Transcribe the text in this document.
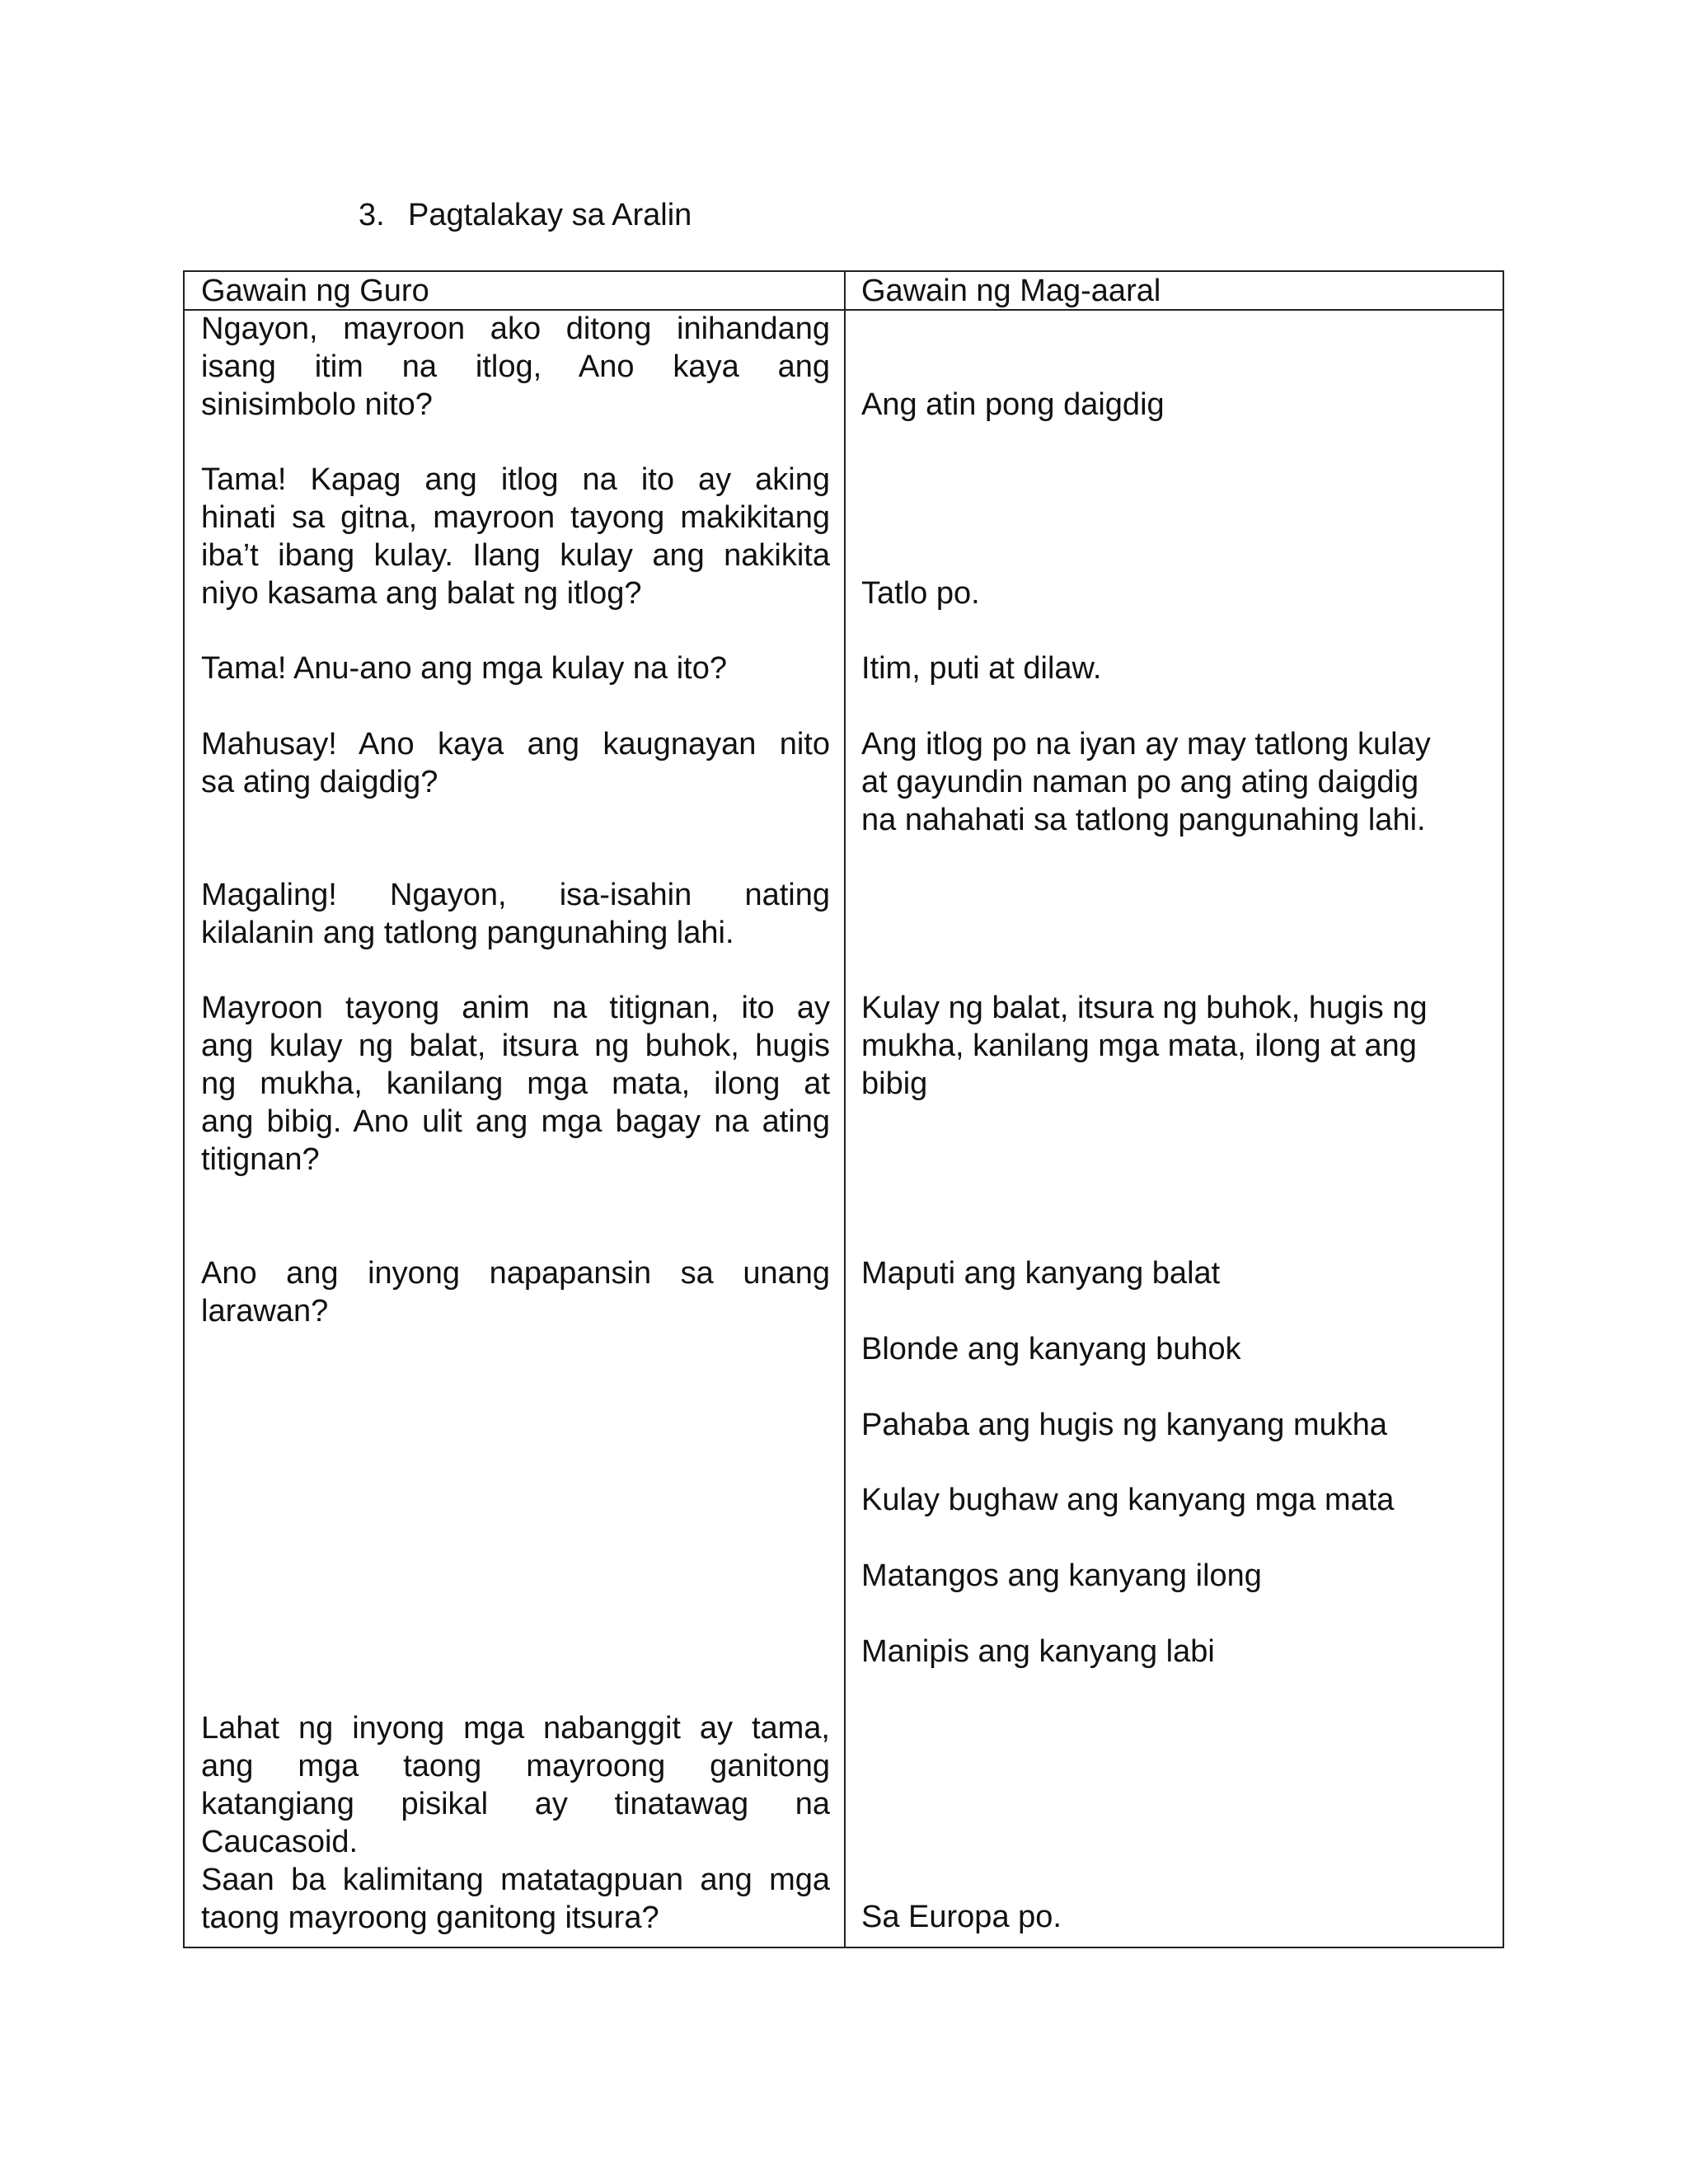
3. Pagtalakay sa Aralin
Gawain ng Guro	Gawain ng Mag-aaral
Ngayon, mayroon ako ditong inihandang
isang itim na itlog, Ano kaya ang
sinisimbolo nito?
Tama! Kapag ang itlog na ito ay aking
hinati sa gitna, mayroon tayong makikitang
iba’t ibang kulay. Ilang kulay ang nakikita
niyo kasama ang balat ng itlog?
Tama! Anu-ano ang mga kulay na ito?
Mahusay! Ano kaya ang kaugnayan nito
sa ating daigdig?
Magaling! Ngayon, isa-isahin nating
kilalanin ang tatlong pangunahing lahi.
Mayroon tayong anim na titignan, ito ay
ang kulay ng balat, itsura ng buhok, hugis
ng mukha, kanilang mga mata, ilong at
ang bibig. Ano ulit ang mga bagay na ating
titignan?
Ano ang inyong napapansin sa unang
larawan?
Lahat ng inyong mga nabanggit ay tama,
ang mga taong mayroong ganitong
katangiang pisikal ay tinatawag na
Caucasoid.
Saan ba kalimitang matatagpuan ang mga
taong mayroong ganitong itsura?
Ang atin pong daigdig
Tatlo po.
Itim, puti at dilaw.
Ang itlog po na iyan ay may tatlong kulay
at gayundin naman po ang ating daigdig
na nahahati sa tatlong pangunahing lahi.
Kulay ng balat, itsura ng buhok, hugis ng
mukha, kanilang mga mata, ilong at ang
bibig
Maputi ang kanyang balat
Blonde ang kanyang buhok
Pahaba ang hugis ng kanyang mukha
Kulay bughaw ang kanyang mga mata
Matangos ang kanyang ilong
Manipis ang kanyang labi
Sa Europa po.
